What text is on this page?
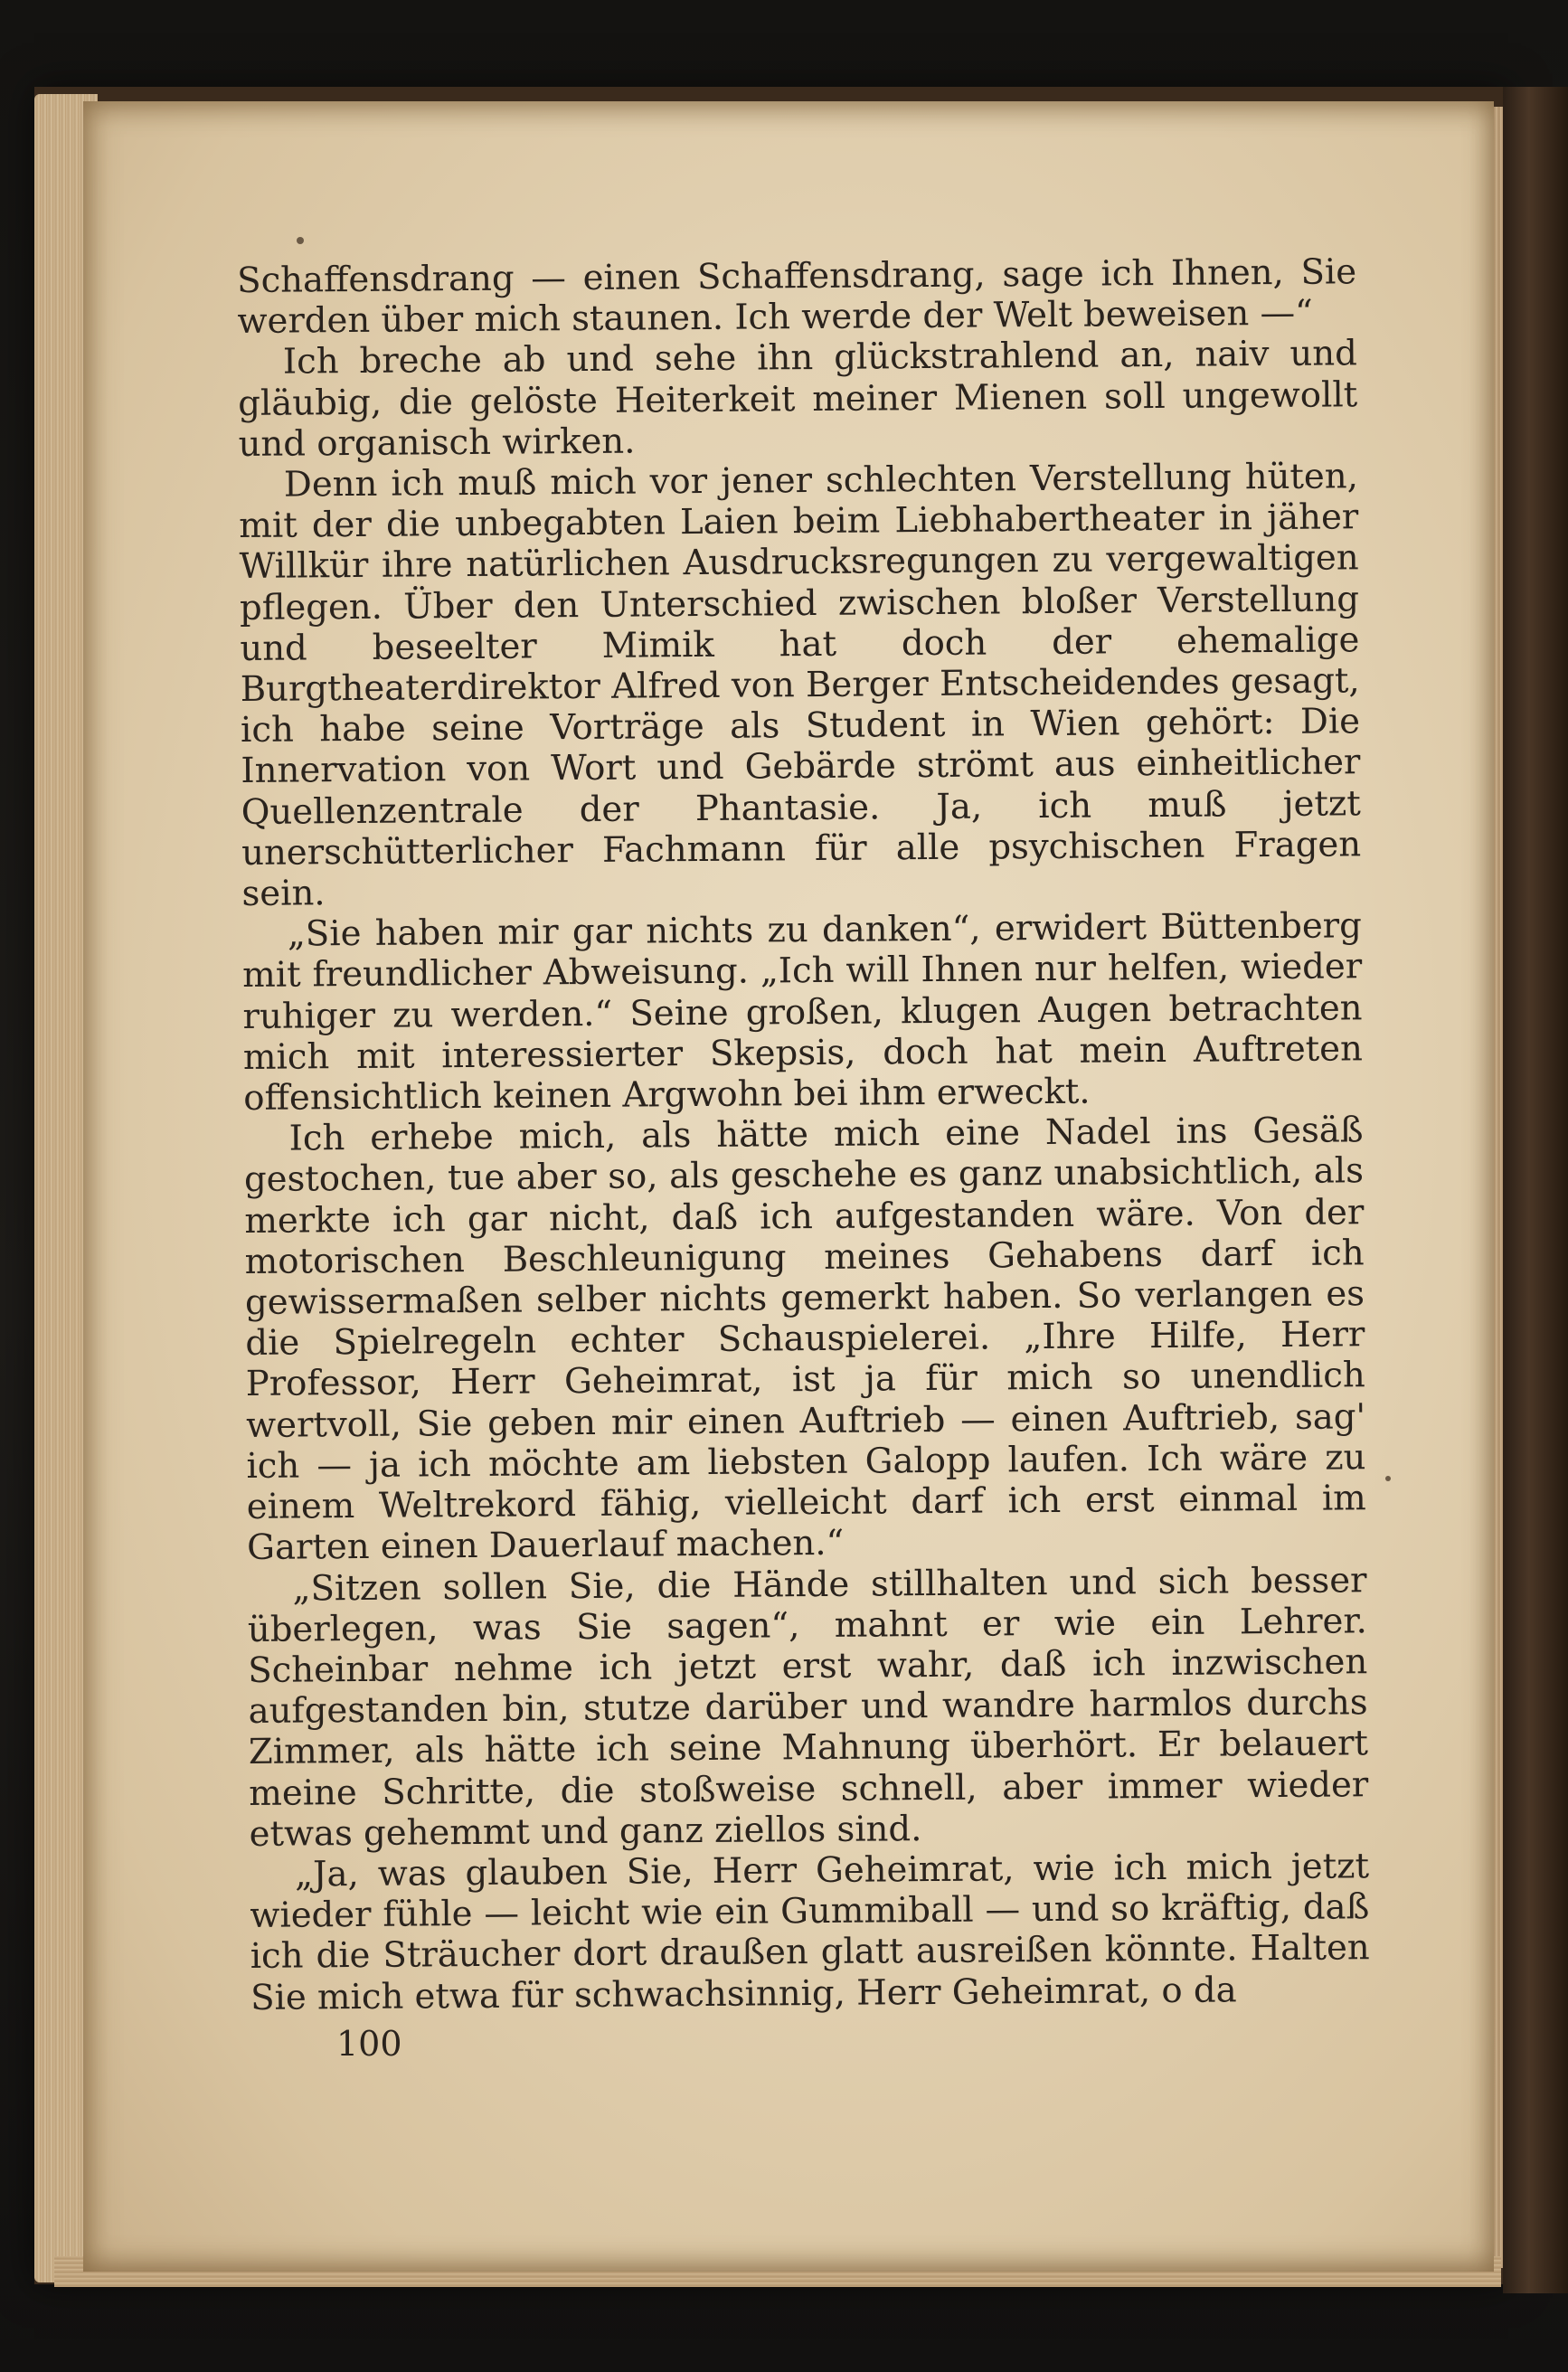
Schaffensdrang — einen Schaffensdrang, sage ich Ihnen, Sie werden über mich staunen. Ich werde der Welt beweisen —“

Ich breche ab und sehe ihn glückstrahlend an, naiv und gläubig, die gelöste Heiterkeit meiner Mienen soll ungewollt und organisch wirken.

Denn ich muß mich vor jener schlechten Verstellung hüten, mit der die unbegabten Laien beim Liebhabertheater in jäher Willkür ihre natürlichen Ausdrucksregungen zu vergewaltigen pflegen. Über den Unterschied zwischen bloßer Verstellung und beseelter Mimik hat doch der ehemalige Burgtheaterdirektor Alfred von Berger Entscheidendes gesagt, ich habe seine Vorträge als Student in Wien gehört: Die Innervation von Wort und Gebärde strömt aus einheitlicher Quellenzentrale der Phantasie. Ja, ich muß jetzt unerschütterlicher Fachmann für alle psychischen Fragen sein.

„Sie haben mir gar nichts zu danken“, erwidert Büttenberg mit freundlicher Abweisung. „Ich will Ihnen nur helfen, wieder ruhiger zu werden.“ Seine großen, klugen Augen betrachten mich mit interessierter Skepsis, doch hat mein Auftreten offensichtlich keinen Argwohn bei ihm erweckt.

Ich erhebe mich, als hätte mich eine Nadel ins Gesäß gestochen, tue aber so, als geschehe es ganz unabsichtlich, als merkte ich gar nicht, daß ich aufgestanden wäre. Von der motorischen Beschleunigung meines Gehabens darf ich gewissermaßen selber nichts gemerkt haben. So verlangen es die Spielregeln echter Schauspielerei. „Ihre Hilfe, Herr Professor, Herr Geheimrat, ist ja für mich so unendlich wertvoll, Sie geben mir einen Auftrieb — einen Auftrieb, sag' ich — ja ich möchte am liebsten Galopp laufen. Ich wäre zu einem Weltrekord fähig, vielleicht darf ich erst einmal im Garten einen Dauerlauf machen.“

„Sitzen sollen Sie, die Hände stillhalten und sich besser überlegen, was Sie sagen“, mahnt er wie ein Lehrer. Scheinbar nehme ich jetzt erst wahr, daß ich inzwischen aufgestanden bin, stutze darüber und wandre harmlos durchs Zimmer, als hätte ich seine Mahnung überhört. Er belauert meine Schritte, die stoßweise schnell, aber immer wieder etwas gehemmt und ganz ziellos sind.

„Ja, was glauben Sie, Herr Geheimrat, wie ich mich jetzt wieder fühle — leicht wie ein Gummiball — und so kräftig, daß ich die Sträucher dort draußen glatt ausreißen könnte. Halten Sie mich etwa für schwachsinnig, Herr Geheimrat, o da

100
